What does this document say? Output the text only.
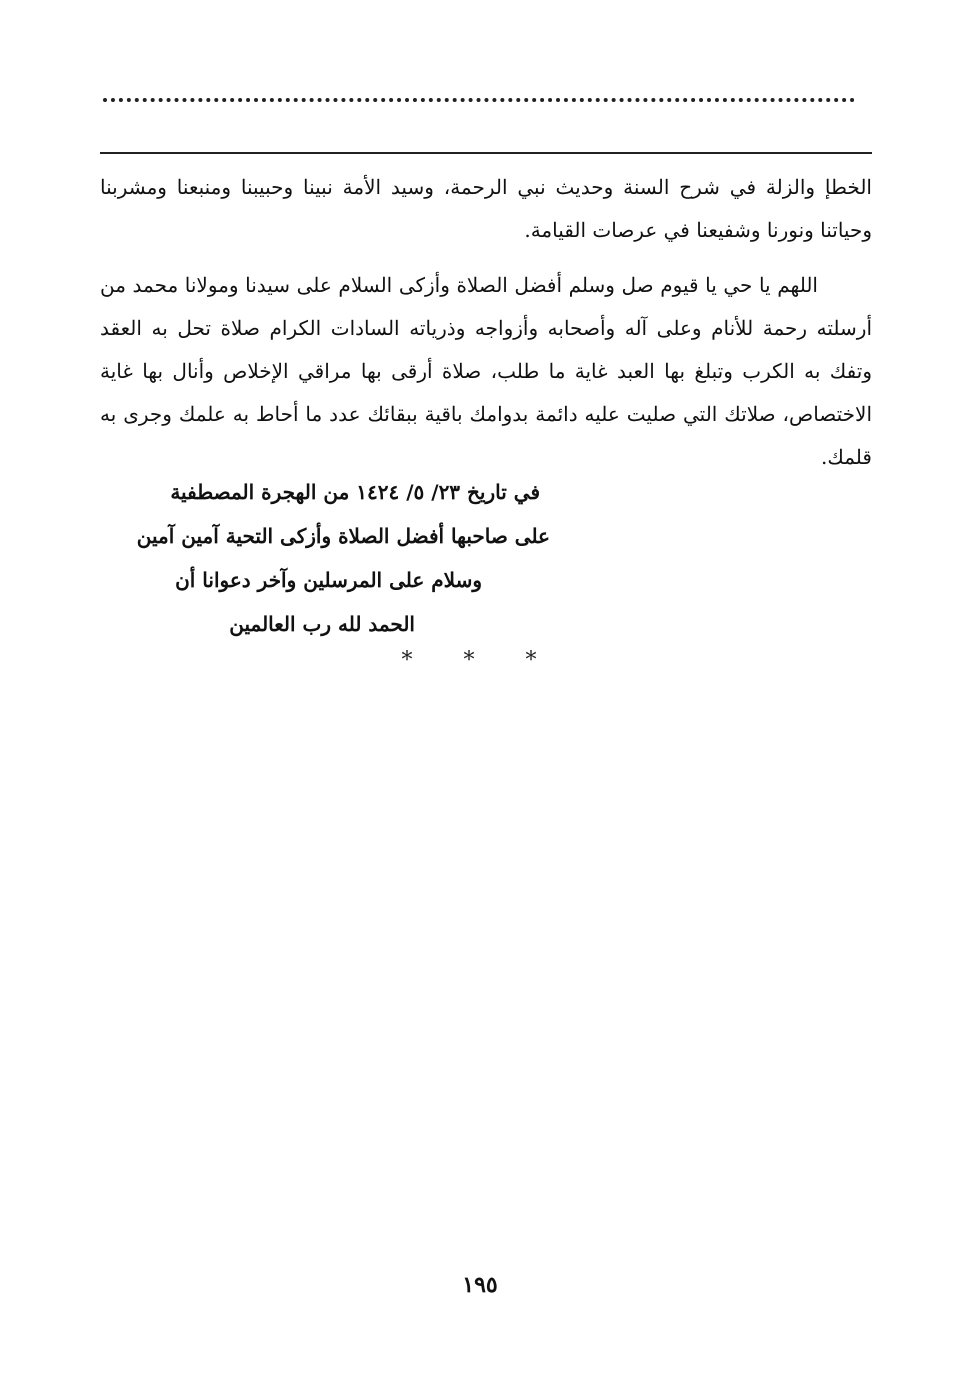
الخطإ والزلة في شرح السنة وحديث نبي الرحمة، وسيد الأمة نبينا وحبيبنا ومنبعنا ومشربنا وحياتنا ونورنا وشفيعنا في عرصات القيامة.

اللهم يا حي يا قيوم صل وسلم أفضل الصلاة وأزكى السلام على سيدنا ومولانا محمد من أرسلته رحمة للأنام وعلى آله وأصحابه وأزواجه وذرياته السادات الكرام صلاة تحل به العقد وتفك به الكرب وتبلغ بها العبد غاية ما طلب، صلاة أرقى بها مراقي الإخلاص وأنال بها غاية الاختصاص، صلاتك التي صليت عليه دائمة بدوامك باقية ببقائك عدد ما أحاط به علمك وجرى به قلمك.

في تاريخ ٢٣/ ٥/ ١٤٢٤ من الهجرة المصطفية
على صاحبها أفضل الصلاة وأزكى التحية آمين آمين
وسلام على المرسلين وآخر دعوانا أن
الحمد لله رب العالمين
* * *
١٩٥
